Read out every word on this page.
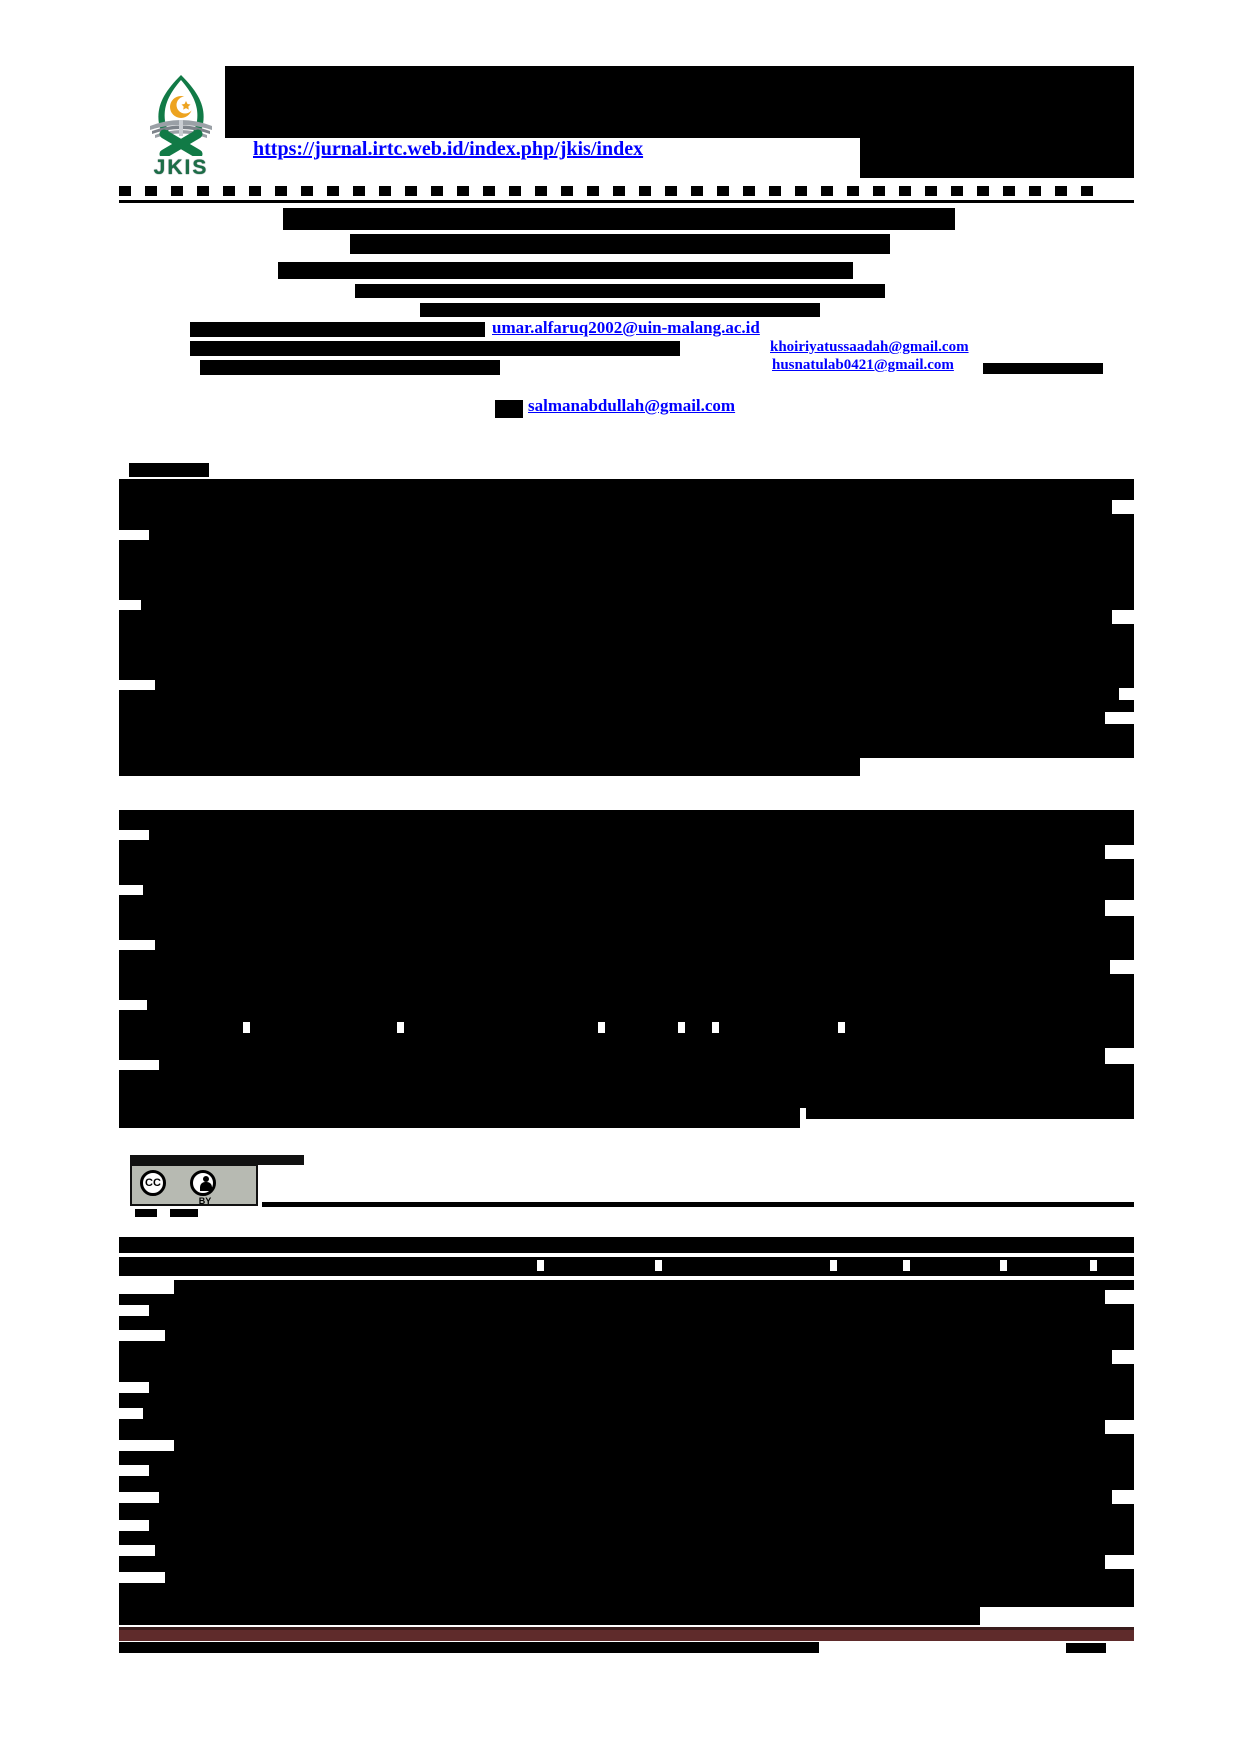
JKIS
https://jurnal.irtc.web.id/index.php/jkis/index
umar.alfaruq2002@uin-malang.ac.id
khoiriyatussaadah@gmail.com
husnatulab0421@gmail.com
salmanabdullah@gmail.com
CC
BY
